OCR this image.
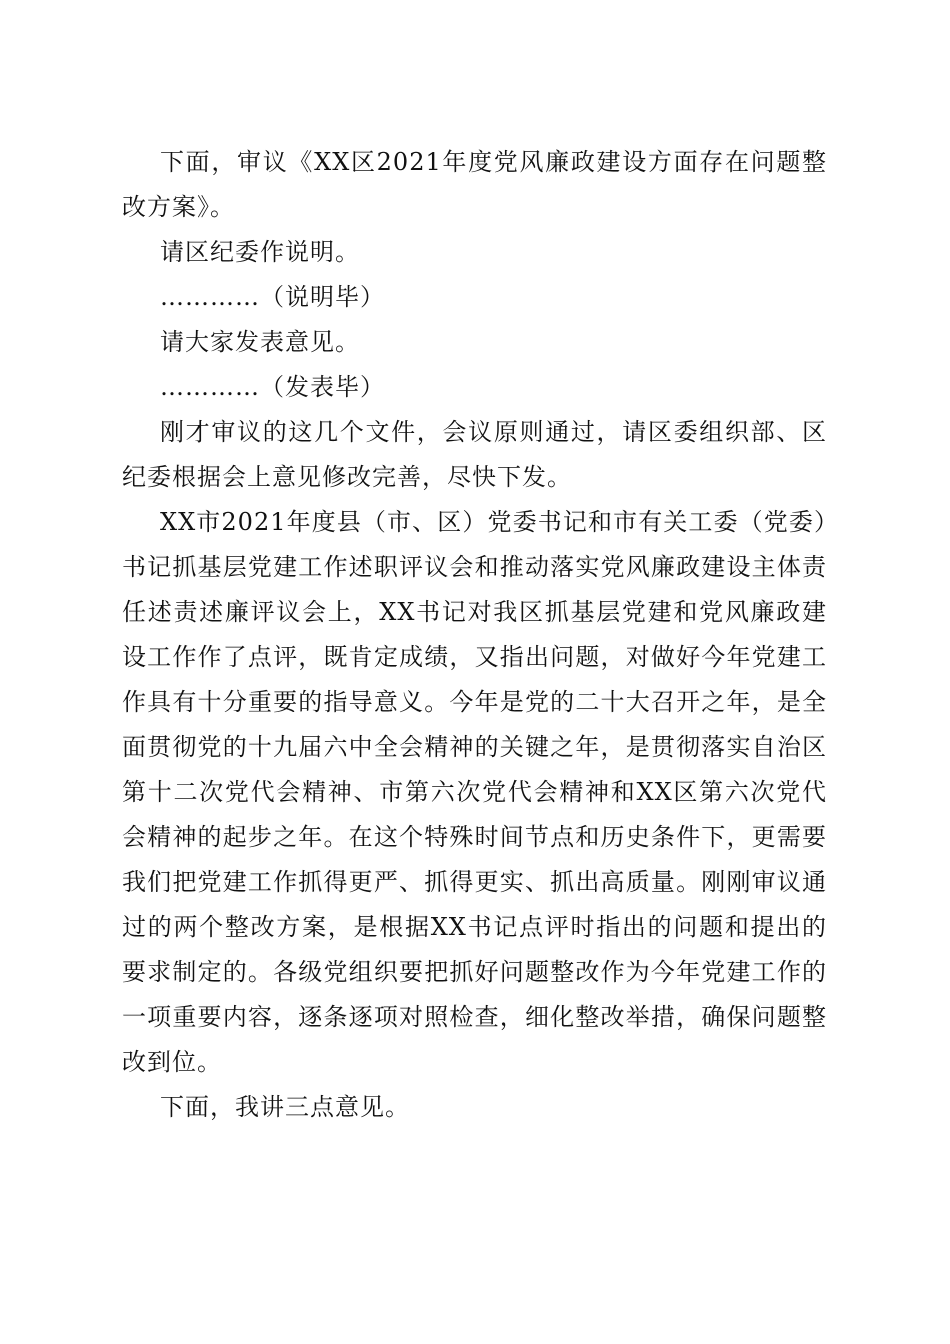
下面，审议《XX区2021年度党风廉政建设方面存在问题整改方案》。

请区纪委作说明。

…………（说明毕）

请大家发表意见。

…………（发表毕）

刚才审议的这几个文件，会议原则通过，请区委组织部、区纪委根据会上意见修改完善，尽快下发。

XX市2021年度县（市、区）党委书记和市有关工委（党委）书记抓基层党建工作述职评议会和推动落实党风廉政建设主体责任述责述廉评议会上，XX书记对我区抓基层党建和党风廉政建设工作作了点评，既肯定成绩，又指出问题，对做好今年党建工作具有十分重要的指导意义。今年是党的二十大召开之年，是全面贯彻党的十九届六中全会精神的关键之年，是贯彻落实自治区第十二次党代会精神、市第六次党代会精神和XX区第六次党代会精神的起步之年。在这个特殊时间节点和历史条件下，更需要我们把党建工作抓得更严、抓得更实、抓出高质量。刚刚审议通过的两个整改方案，是根据XX书记点评时指出的问题和提出的要求制定的。各级党组织要把抓好问题整改作为今年党建工作的一项重要内容，逐条逐项对照检查，细化整改举措，确保问题整改到位。

下面，我讲三点意见。
